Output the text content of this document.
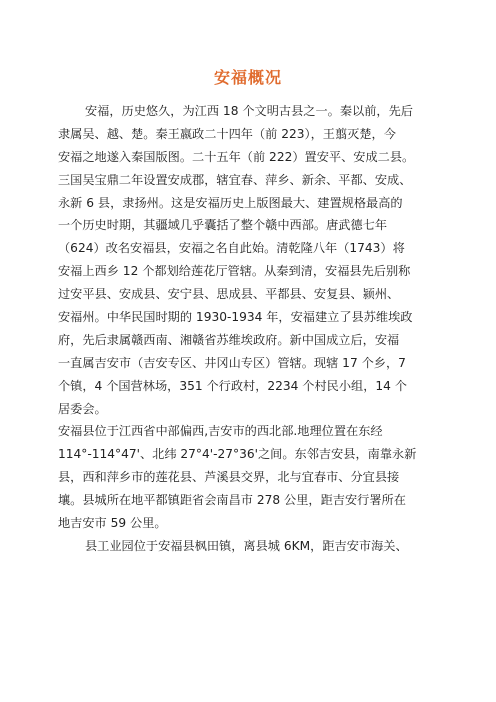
安福概况
安福，历史悠久，为江西 18 个文明古县之一。秦以前，先后
隶属吴、越、楚。秦王嬴政二十四年（前 223），王翦灭楚，今
安福之地遂入秦国版图。二十五年（前 222）置安平、安成二县。
三国吴宝鼎二年设置安成郡，辖宜春、萍乡、新余、平都、安成、
永新 6 县，隶扬州。这是安福历史上版图最大、建置规格最高的
一个历史时期，其疆域几乎囊括了整个赣中西部。唐武德七年
（624）改名安福县，安福之名自此始。清乾隆八年（1743）将
安福上西乡 12 个都划给莲花厅管辖。从秦到清，安福县先后别称
过安平县、安成县、安宁县、思成县、平都县、安复县、颍州、
安福州。中华民国时期的 1930-1934 年，安福建立了县苏维埃政
府，先后隶属赣西南、湘赣省苏维埃政府。新中国成立后，安福
一直属吉安市（吉安专区、井冈山专区）管辖。现辖 17 个乡，7
个镇，4 个国营林场，351 个行政村，2234 个村民小组，14 个
居委会。
安福县位于江西省中部偏西,吉安市的西北部.地理位置在东经
114°-114°47'、北纬 27°4'-27°36'之间。东邻吉安县，南靠永新
县，西和萍乡市的莲花县、芦溪县交界，北与宜春市、分宜县接
壤。县城所在地平都镇距省会南昌市 278 公里，距吉安行署所在
地吉安市 59 公里。
县工业园位于安福县枫田镇，离县城 6KM，距吉安市海关、
